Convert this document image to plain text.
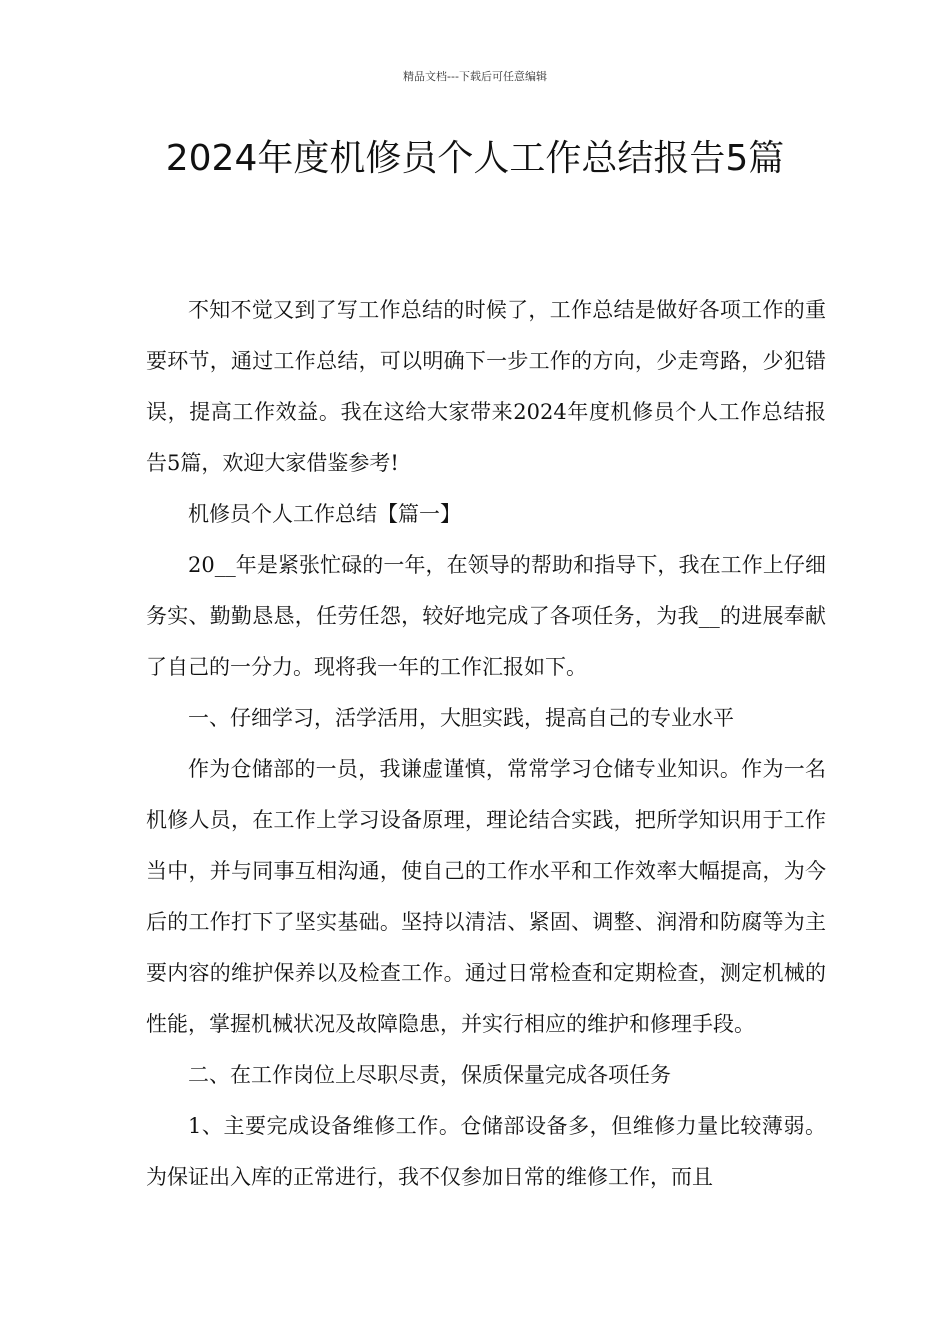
精品文档---下载后可任意编辑
2024年度机修员个人工作总结报告5篇

不知不觉又到了写工作总结的时候了，工作总结是做好各项工作的重要环节，通过工作总结，可以明确下一步工作的方向，少走弯路，少犯错误，提高工作效益。我在这给大家带来2024年度机修员个人工作总结报告5篇，欢迎大家借鉴参考!

机修员个人工作总结【篇一】

20__年是紧张忙碌的一年，在领导的帮助和指导下，我在工作上仔细务实、勤勤恳恳，任劳任怨，较好地完成了各项任务，为我__的进展奉献了自己的一分力。现将我一年的工作汇报如下。

一、仔细学习，活学活用，大胆实践，提高自己的专业水平

作为仓储部的一员，我谦虚谨慎，常常学习仓储专业知识。作为一名机修人员，在工作上学习设备原理，理论结合实践，把所学知识用于工作当中，并与同事互相沟通，使自己的工作水平和工作效率大幅提高，为今后的工作打下了坚实基础。坚持以清洁、紧固、调整、润滑和防腐等为主要内容的维护保养以及检查工作。通过日常检查和定期检查，测定机械的性能，掌握机械状况及故障隐患，并实行相应的维护和修理手段。

二、在工作岗位上尽职尽责，保质保量完成各项任务

1、主要完成设备维修工作。仓储部设备多，但维修力量比较薄弱。为保证出入库的正常进行，我不仅参加日常的维修工作，而且
